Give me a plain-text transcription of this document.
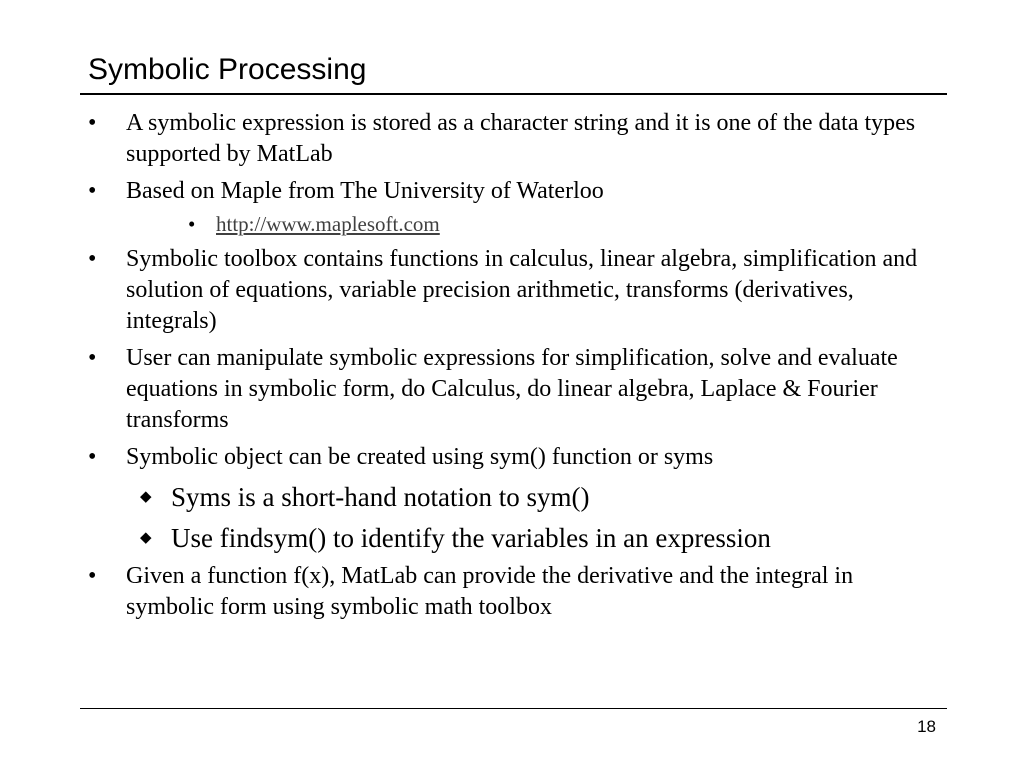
Symbolic Processing
• A symbolic expression is stored as a character string and it is one of the data types supported by MatLab
• Based on Maple from The University of Waterloo
• http://www.maplesoft.com
• Symbolic toolbox contains functions in calculus, linear algebra, simplification and solution of equations, variable precision arithmetic, transforms (derivatives, integrals)
• User can manipulate symbolic expressions for simplification, solve and evaluate equations in symbolic form, do Calculus, do linear algebra, Laplace & Fourier transforms
• Symbolic object can be created using sym() function or syms
◆ Syms is a short-hand notation to sym()
◆ Use findsym() to identify the variables in an expression
• Given a function f(x), MatLab can provide the derivative and the integral in symbolic form using symbolic math toolbox
18
